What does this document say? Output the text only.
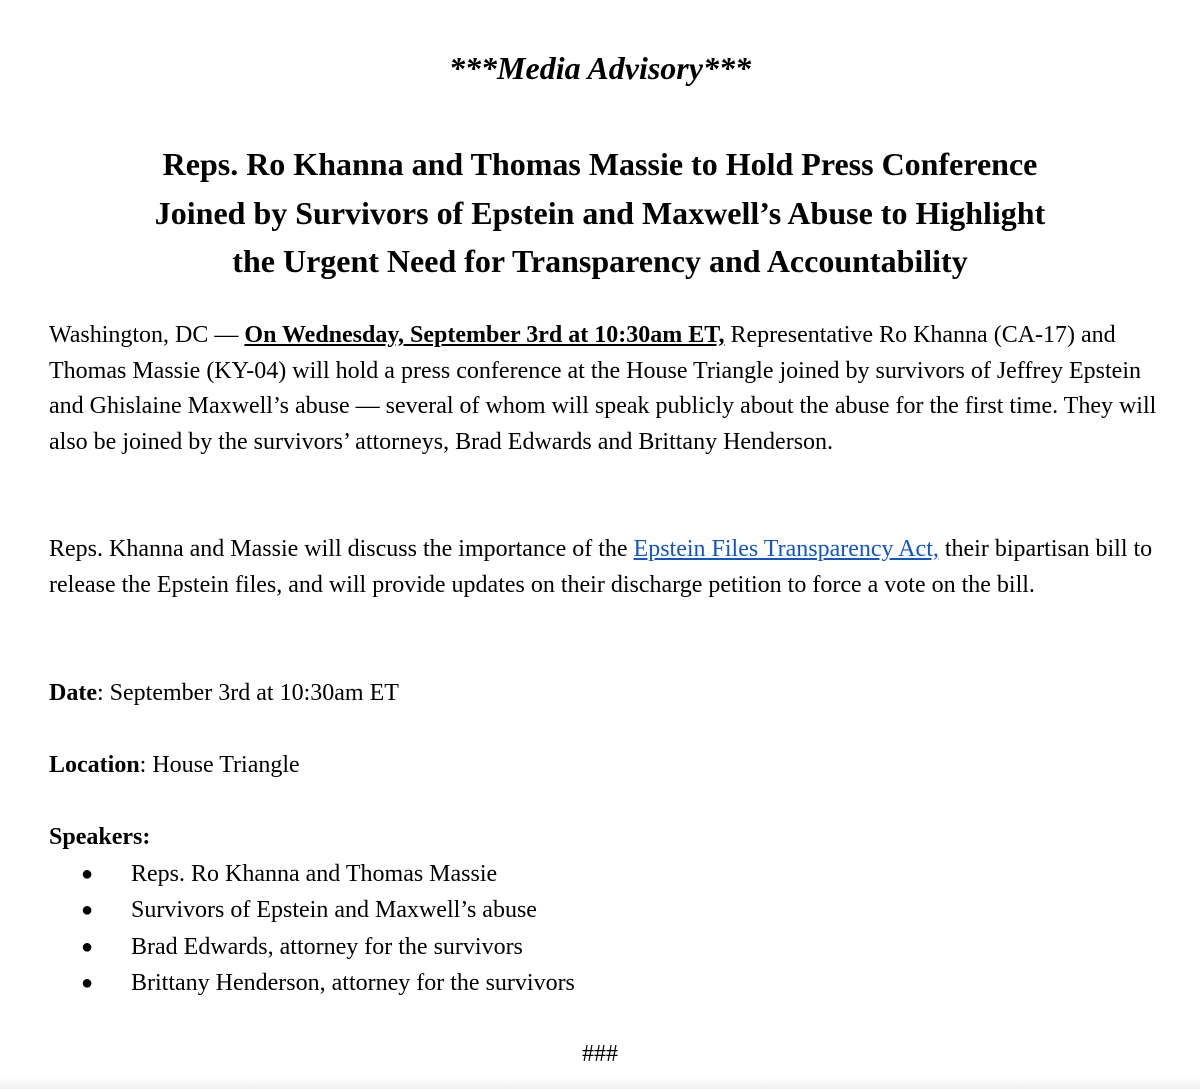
***Media Advisory***

Reps. Ro Khanna and Thomas Massie to Hold Press Conference
Joined by Survivors of Epstein and Maxwell’s Abuse to Highlight
the Urgent Need for Transparency and Accountability

Washington, DC — On Wednesday, September 3rd at 10:30am ET, Representative Ro Khanna (CA-17) and Thomas Massie (KY-04) will hold a press conference at the House Triangle joined by survivors of Jeffrey Epstein and Ghislaine Maxwell’s abuse — several of whom will speak publicly about the abuse for the first time. They will also be joined by the survivors’ attorneys, Brad Edwards and Brittany Henderson.

Reps. Khanna and Massie will discuss the importance of the Epstein Files Transparency Act, their bipartisan bill to release the Epstein files, and will provide updates on their discharge petition to force a vote on the bill.

Date: September 3rd at 10:30am ET

Location: House Triangle

Speakers:

● Reps. Ro Khanna and Thomas Massie
● Survivors of Epstein and Maxwell’s abuse
● Brad Edwards, attorney for the survivors
● Brittany Henderson, attorney for the survivors

###
